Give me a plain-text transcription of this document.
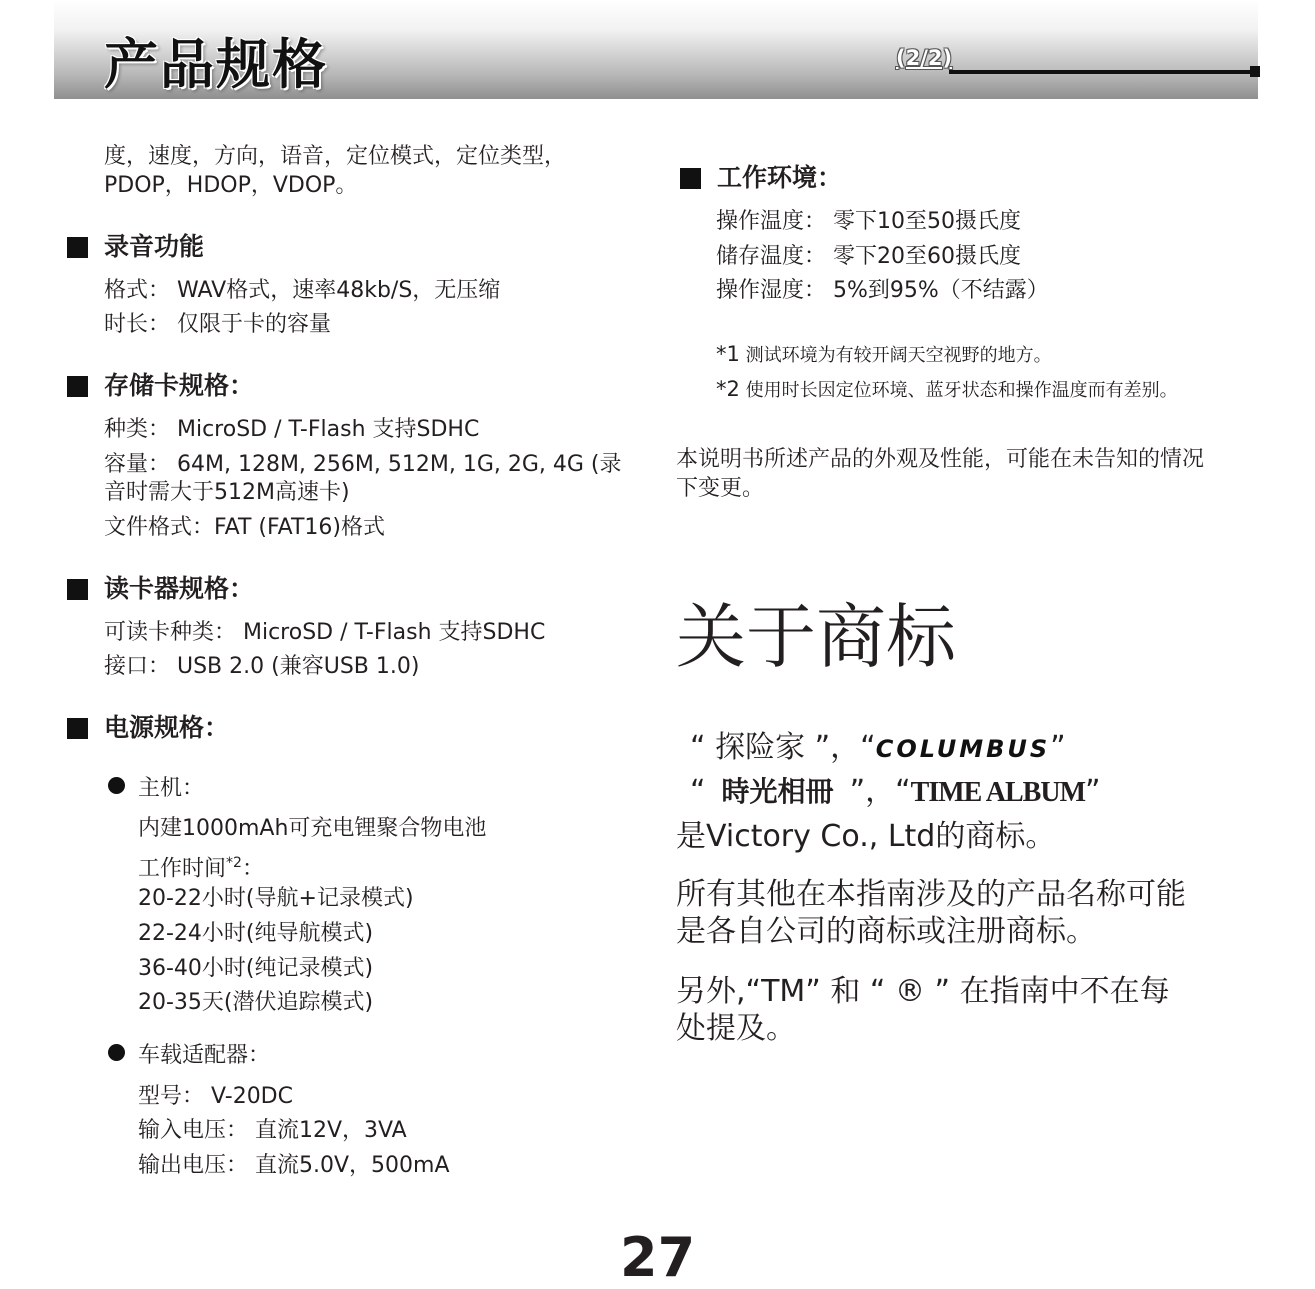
产品规格	(2/2)
度，速度，方向，语音，定位模式，定位类型，
PDOP，HDOP，VDOP。
录音功能
格式： WAV格式，速率48kb/S，无压缩
时长： 仅限于卡的容量
存储卡规格：
种类： MicroSD / T-Flash 支持SDHC
容量： 64M, 128M, 256M, 512M, 1G, 2G, 4G (录
音时需大于512M高速卡)
文件格式：FAT (FAT16)格式
读卡器规格：
可读卡种类： MicroSD / T-Flash 支持SDHC
接口： USB 2.0 (兼容USB 1.0)
电源规格：
主机：
内建1000mAh可充电锂聚合物电池
工作时间$^{*2}$：
20-22小时(导航+记录模式)
22-24小时(纯导航模式)
36-40小时(纯记录模式)
20-35天(潜伏追踪模式)
车载适配器：
型号： V-20DC
输入电压： 直流12V，3VA
输出电压： 直流5.0V，500mA
工作环境：
操作温度： 零下10至50摄氏度
储存温度： 零下20至60摄氏度
操作湿度： 5%到95%（不结露）
*1 测试环境为有较开阔天空视野的地方。
*2 使用时长因定位环境、蓝牙状态和操作温度而有差别。
本说明书所述产品的外观及性能，可能在未告知的情况
下变更。
关于商标
“ 探险家 ”，“COLUMBUS”
“ 時光相冊 ”，“TIME ALBUM”
是Victory Co., Ltd的商标。
所有其他在本指南涉及的产品名称可能
是各自公司的商标或注册商标。
另外,“TM” 和 “ ® ” 在指南中不在每
处提及。
27
